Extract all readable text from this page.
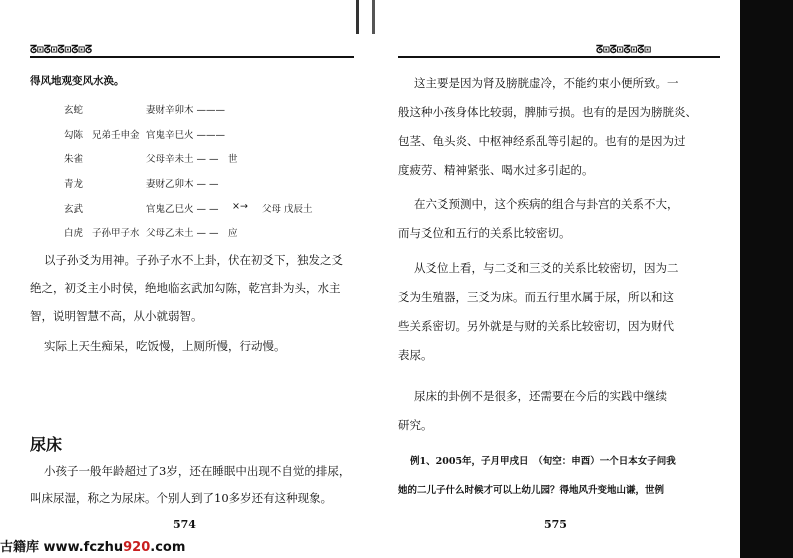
ᘔ⊡ᘔ⊡ᘔ⊡ᘔ⊡ᘔ
得风地观变风水涣。
玄蛇	妻财辛卯木 ———
勾陈 兄弟壬申金 官鬼辛巳火 ———
朱雀	父母辛未土 — — 世
青龙	妻财乙卯木 — —
玄武	官鬼乙巳火 — — ×→ 父母 戊辰土
白虎 子孙甲子水 父母乙未土 — — 应
以子孙爻为用神。子孙子水不上卦，伏在初爻下，独发之爻
绝之，初爻主小时侯，绝地临玄武加勾陈，乾宫卦为头，水主
智，说明智慧不高，从小就弱智。
实际上天生痴呆，吃饭慢，上厕所慢，行动慢。
尿床
小孩子一般年龄超过了3岁，还在睡眠中出现不自觉的排尿，
叫床尿湿，称之为尿床。个别人到了10多岁还有这种现象。
574
ᘔ⊡ᘔ⊡ᘔ⊡ᘔ⊡
这主要是因为肾及膀胱虚冷，不能约束小便所致。一
般这种小孩身体比较弱，脾肺亏损。也有的是因为膀胱炎、
包茎、龟头炎、中枢神经系乱等引起的。也有的是因为过
度疲劳、精神紧张、喝水过多引起的。
在六爻预测中，这个疾病的组合与卦宫的关系不大，
而与爻位和五行的关系比较密切。
从爻位上看，与二爻和三爻的关系比较密切，因为二
爻为生殖器，三爻为床。而五行里水属于尿，所以和这
些关系密切。另外就是与财的关系比较密切，因为财代
表尿。
尿床的卦例不是很多，还需要在今后的实践中继续
研究。
例1、2005年，子月甲戌日　（旬空：申酉）一个日本女子问我
她的二儿子什么时候才可以上幼儿园？得地风升变地山谦，世例
575
古籍库 www.fczhu920.com
